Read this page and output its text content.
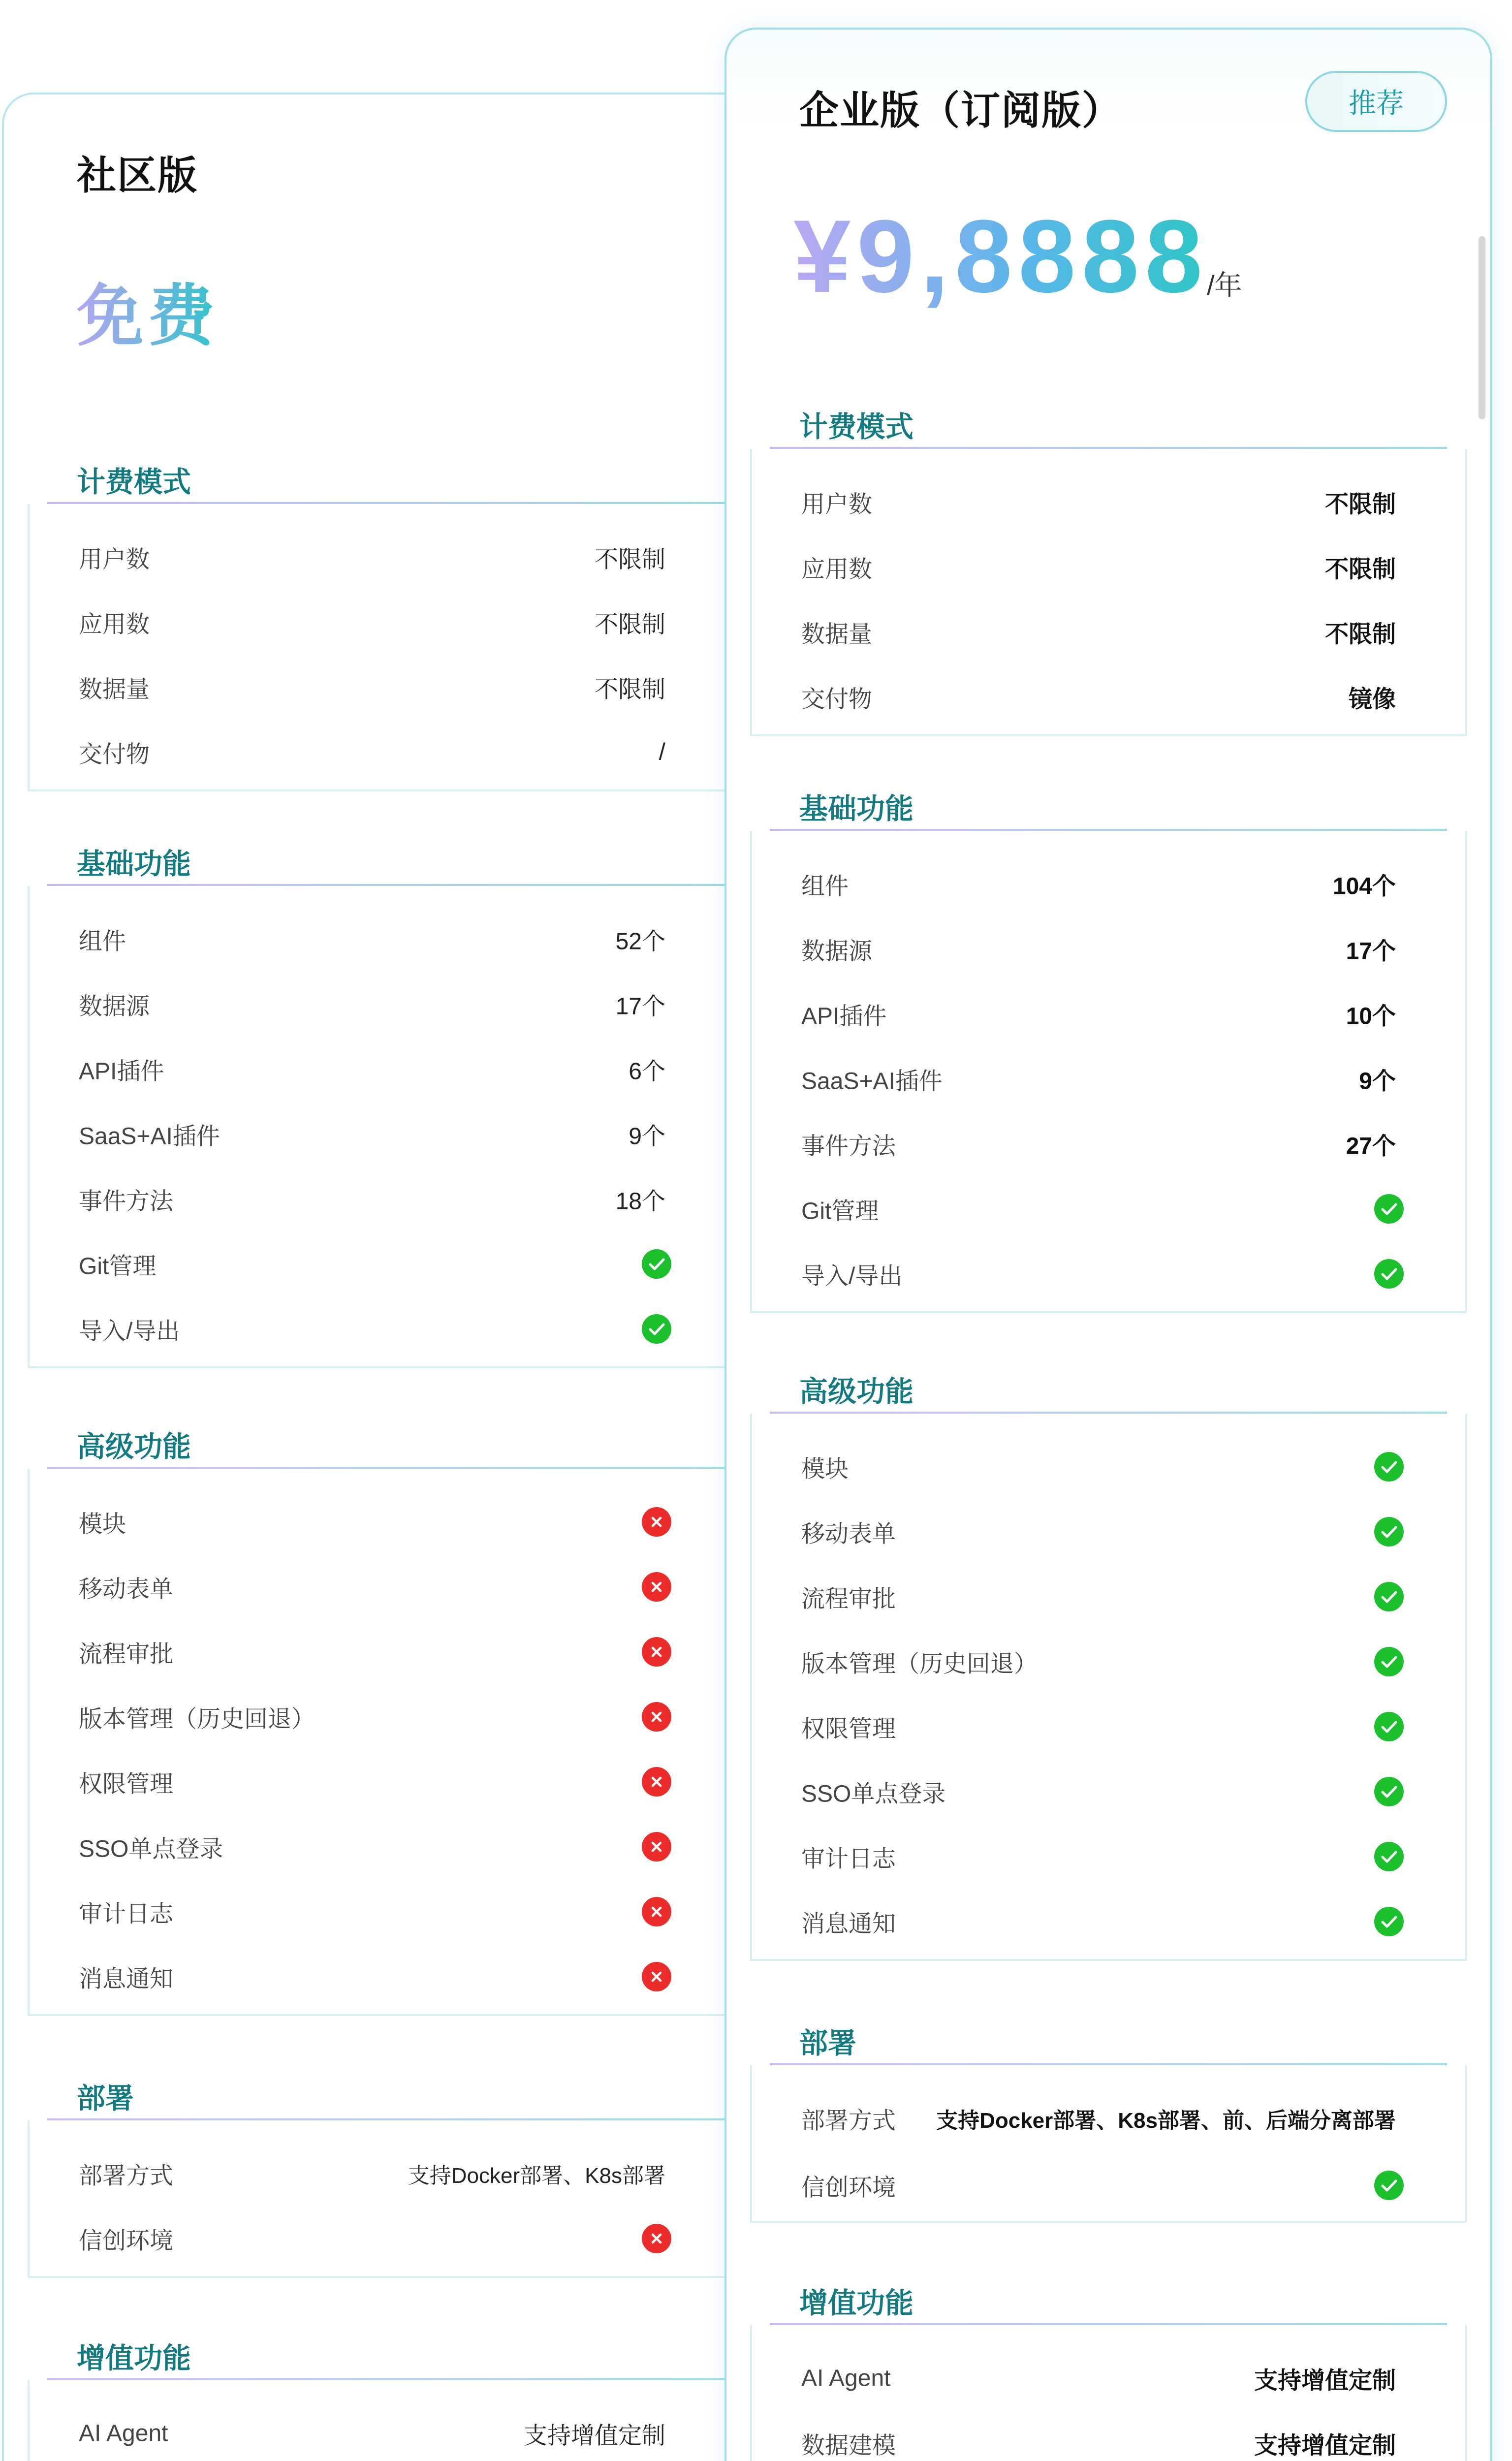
社区版
免费
计费模式
用户数	不限制
应用数	不限制
数据量	不限制
交付物	/
基础功能
组件	52个
数据源	17个
API插件	6个
SaaS+AI插件	9个
事件方法	18个
Git管理
导入/导出
高级功能
模块
移动表单
流程审批
版本管理（历史回退）
权限管理
SSO单点登录
审计日志
消息通知
部署
部署方式	支持Docker部署、K8s部署
信创环境
增值功能
AI Agent	支持增值定制
企业版（订阅版）	推荐
¥9,8888
/年
计费模式
用户数	不限制
应用数	不限制
数据量	不限制
交付物	镜像
基础功能
组件	104个
数据源	17个
API插件	10个
SaaS+AI插件	9个
事件方法	27个
Git管理
导入/导出
高级功能
模块
移动表单
流程审批
版本管理（历史回退）
权限管理
SSO单点登录
审计日志
消息通知
部署
部署方式 支持Docker部署、K8s部署、前、后端分离部署
信创环境
增值功能
AI Agent	支持增值定制
数据建模	支持增值定制
